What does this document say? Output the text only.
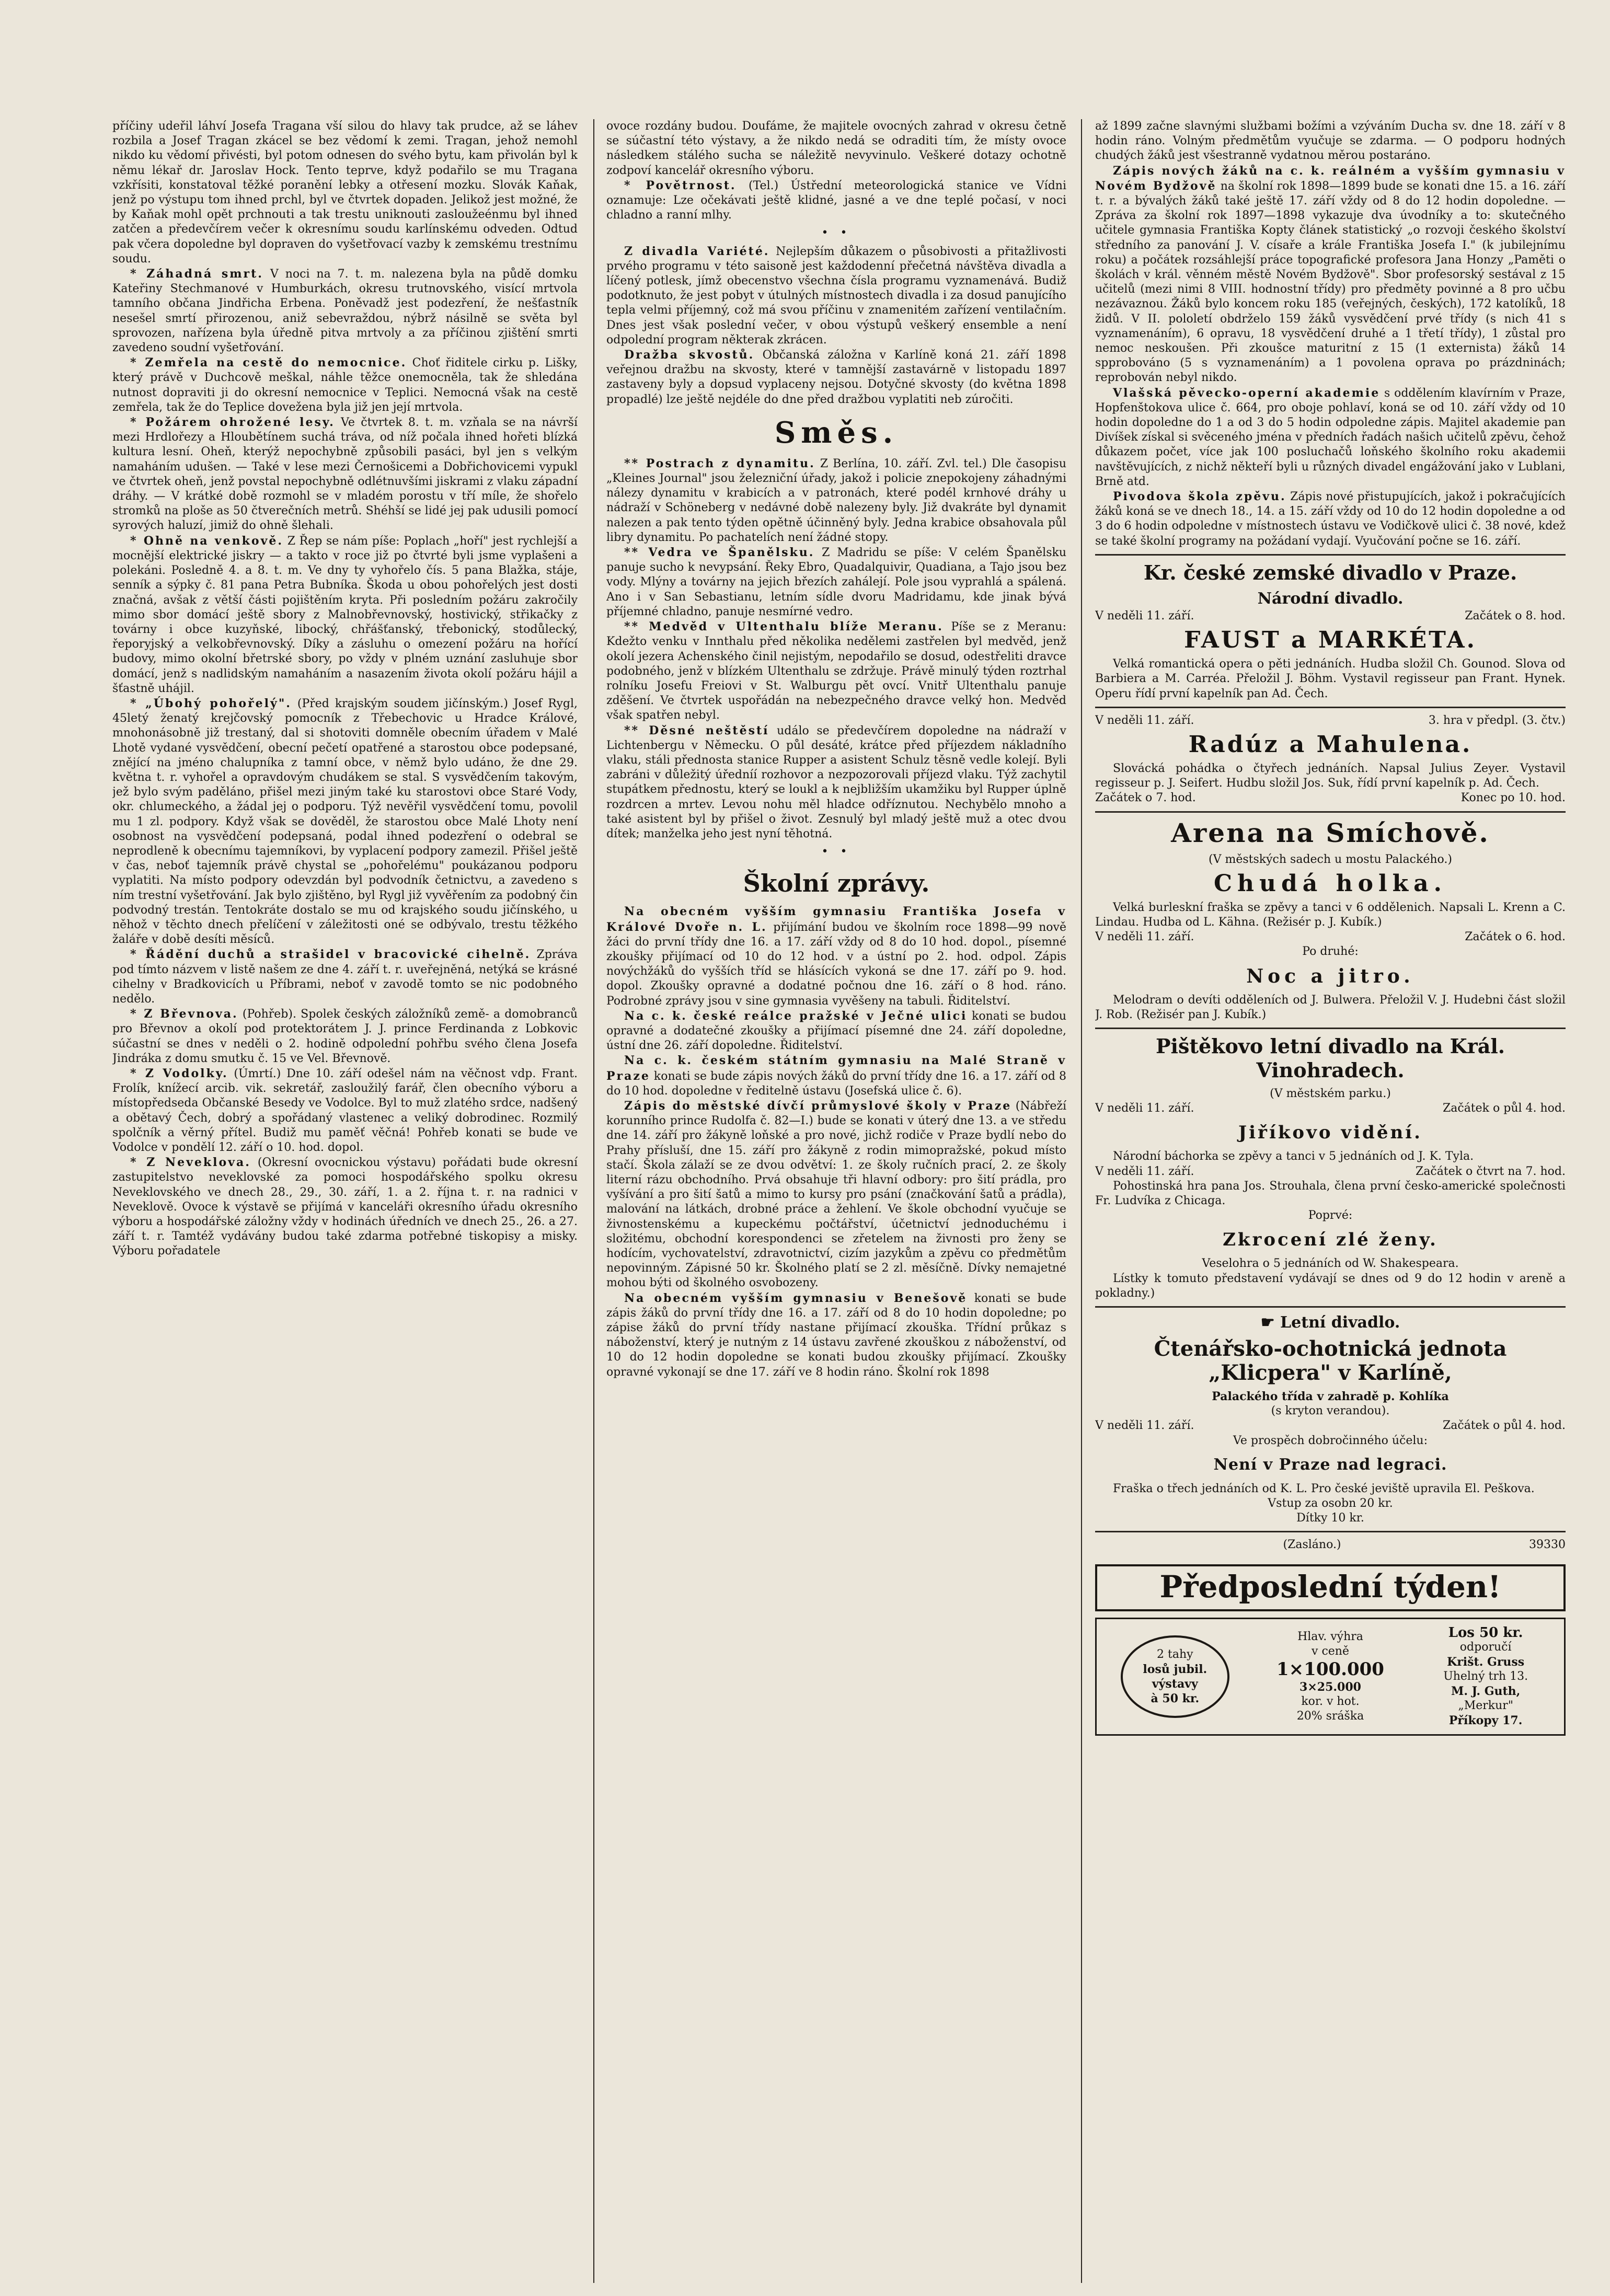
příčiny udeřil láhví Josefa Tragana vší silou do hlavy tak prudce, až se láhev rozbila a Josef Tragan zkácel se bez vědomí k zemi. Tragan, jehož nemohl nikdo ku vědomí přivésti, byl potom odnesen do svého bytu, kam přivolán byl k němu lékař dr. Jaroslav Hock. Tento teprve, když podařilo se mu Tragana vzkřísiti, konstatoval těžké poranění lebky a otřesení mozku. Slovák Kaňak, jenž po výstupu tom ihned prchl, byl ve čtvrtek dopaden. Jelikož jest možné, že by Kaňak mohl opět prchnouti a tak trestu uniknouti zasloužeénmu byl ihned zatčen a předevčírem večer k okresnímu soudu karlínskému odveden. Odtud pak včera dopoledne byl dopraven do vyšetřovací vazby k zemskému trestnímu soudu.

* Záhadná smrt. V noci na 7. t. m. nalezena byla na půdě domku Kateřiny Stechmanové v Humburkách, okresu trutnovského, visící mrtvola tamního občana Jindřicha Erbena. Poněvadž jest podezření, že nešťastník nesešel smrtí přirozenou, aniž sebevraždou, nýbrž násilně se světa byl sprovozen, nařízena byla úředně pitva mrtvoly a za příčinou zjištění smrti zavedeno soudní vyšetřování.

* Zemřela na cestě do nemocnice. Choť řiditele cirku p. Lišky, který právě v Duchcově meškal, náhle těžce onemocněla, tak že shledána nutnost dopraviti ji do okresní nemocnice v Teplici. Nemocná však na cestě zemřela, tak že do Teplice dovežena byla již jen její mrtvola.

* Požárem ohrožené lesy. Ve čtvrtek 8. t. m. vzňala se na návrší mezi Hrdlořezy a Hloubětínem suchá tráva, od níž počala ihned hořeti blízká kultura lesní. Oheň, kterýž nepochybně způsobili pasáci, byl jen s velkým namaháním udušen. — Také v lese mezi Černošicemi a Dobřichovicemi vypukl ve čtvrtek oheň, jenž povstal nepochybně odlétnuvšími jiskrami z vlaku západní dráhy. — V krátké době rozmohl se v mladém porostu v tří míle, že shořelo stromků na ploše as 50 čtverečních metrů. Shéhší se lidé jej pak udusili pomocí syrových haluzí, jimiž do ohně šlehali.

* Ohně na venkově. Z Řep se nám píše: Poplach „hoří" jest rychlejší a mocnější elektrické jiskry — a takto v roce již po čtvrté byli jsme vyplašeni a polekáni. Posledně 4. a 8. t. m. Ve dny ty vyhořelo čís. 5 pana Blažka, stáje, senník a sýpky č. 81 pana Petra Bubníka. Škoda u obou pohořelých jest dosti značná, avšak z větší části pojištěním kryta. Při posledním požáru zakročily mimo sbor domácí ještě sbory z Malnobřevnovský, hostivický, střikačky z továrny i obce kuzyňské, libocký, chřášťanský, třebonický, stodůlecký, řeporyjský a velkobřevnovský. Díky a zásluhu o omezení požáru na hořící budovy, mimo okolní břetrské sbory, po vždy v plném uznání zasluhuje sbor domácí, jenž s nadlidským namaháním a nasazením života okolí požáru hájil a šťastně uhájil.

* „Úbohý pohořelý". (Před krajským soudem jičínským.) Josef Rygl, 45letý ženatý krejčovský pomocník z Třebechovic u Hradce Králové, mnohonásobně již trestaný, dal si shotoviti domněle obecním úřadem v Malé Lhotě vydané vysvědčení, obecní pečetí opatřené a starostou obce podepsané, znějící na jméno chalupníka z tamní obce, v němž bylo udáno, že dne 29. května t. r. vyhořel a opravdovým chudákem se stal. S vysvědčením takovým, jež bylo svým padělánо, přišel mezi jiným také ku starostovi obce Staré Vody, okr. chlumeckého, a žádal jej o podporu. Týž nevěřil vysvědčení tomu, povolil mu 1 zl. podpory. Když však se dověděl, že starostou obce Malé Lhoty není osobnost na vysvědčení podepsaná, podal ihned podezření o odebral se neprodleně k obecnímu tajemníkovi, by vyplacení podpory zamezil. Přišel ještě v čas, neboť tajemník právě chystal se „pohořelému" poukázanou podporu vyplatiti. Na místo podpory odevzdán byl podvodník četnictvu, a zavedeno s ním trestní vyšetřování. Jak bylo zjištěno, byl Rygl již vyvěřením za podobný čin podvodný trestán. Tentokráte dostalo se mu od krajského soudu jičínského, u něhož v těchto dnech přelíčení v záležitosti oné se odbývalo, trestu těžkého žaláře v době desíti měsíců.

* Řádění duchů a strašidel v bracovické cihelně. Zpráva pod tímto názvem v listě našem ze dne 4. září t. r. uveřejněná, netýká se krásné cihelny v Bradkovicích u Příbrami, neboť v zavodě tomto se nic podobného nedělo.

* Z Břevnova. (Pohřeb). Spolek českých záložníků země- a domobranců pro Břevnov a okolí pod protektorátem J. J. prince Ferdinanda z Lobkovic súčastní se dnes v neděli o 2. hodině odpolední pohřbu svého člena Josefa Jindráka z domu smutku č. 15 ve Vel. Břevnově.

* Z Vodolky. (Úmrtí.) Dne 10. září odešel nám na věčnost vdp. Frant. Frolík, knížecí arcib. vik. sekretář, zasloužilý farář, člen obecního výboru a místopředseda Občanské Besedy ve Vodolce. Byl to muž zlatého srdce, nadšený a obětavý Čech, dobrý a spořádaný vlastenec a veliký dobrodinec. Rozmilý spolčník a věrný přítel. Budiž mu paměť věčná! Pohřeb konati se bude ve Vodolce v pondělí 12. září o 10. hod. dopol.

* Z Neveklova. (Okresní ovocnickou výstavu) pořádati bude okresní zastupitelstvo neveklovské za pomoci hospodářského spolku okresu Neveklovského ve dnech 28., 29., 30. září, 1. a 2. října t. r. na radnici v Neveklově. Ovoce k výstavě se přijímá v kanceláři okresního úřadu okresního výboru a hospodářské záložny vždy v hodinách úředních ve dnech 25., 26. a 27. září t. r. Tamtéž vydávány budou také zdarma potřebné tiskopisy a misky. Výboru pořadatele

ovoce rozdány budou. Doufáme, že majitele ovocných zahrad v okresu četně se súčastní této výstavy, a že nikdo nedá se odraditi tím, že místy ovoce následkem stálého sucha se náležitě nevyvinulo. Veškeré dotazy ochotně zodpoví kancelář okresního výboru.

* Povětrnost. (Tel.) Ústřední meteorologická stanice ve Vídni oznamuje: Lze očekávati ještě klidné, jasné a ve dne teplé počasí, v noci chladno a ranní mlhy.

• •

Z divadla Variété. Nejlepším důkazem o působivosti a přitažlivosti prvého programu v této saisoně jest každodenní přečetná návštěva divadla a líčený potlesk, jímž obecenstvo všechna čísla programu vyznamenává. Budiž podotknuto, že jest pobyt v útulných místnostech divadla i za dosud panujícího tepla velmi příjemný, což má svou příčinu v znamenitém zařízení ventilačním. Dnes jest však poslední večer, v obou výstupů veškerý ensemble a není odpolední program některak zkrácen.

Dražba skvostů. Občanská záložna v Karlíně koná 21. září 1898 veřejnou dražbu na skvosty, které v tamnější zastavárně v listopadu 1897 zastaveny byly a dopsud vyplaceny nejsou. Dotyčné skvosty (do května 1898 propadlé) lze ještě nejdéle do dne před dražbou vyplatiti neb zúročiti.

Směs.

** Postrach z dynamitu. Z Berlína, 10. září. Zvl. tel.) Dle časopisu „Kleines Journal" jsou železniční úřady, jakož i policie znepokojeny záhadnými nálezy dynamitu v krabicích a v patronách, které podél krnhové dráhy u nádraží v Schöneberg v nedávné době nalezeny byly. Již dvakráte byl dynamit nalezen a pak tento týden opětně účinněný byly. Jedna krabice obsahovala půl libry dynamitu. Po pachatelích není žádné stopy.

** Vedra ve Španělsku. Z Madridu se píše: V celém Španělsku panuje sucho k nevypsání. Řeky Ebro, Quadalquivir, Quadiana, a Tajo jsou bez vody. Mlýny a továrny na jejich březích zahálejí. Pole jsou vyprahlá a spálená. Ano i v San Sebastianu, letním sídle dvoru Madridamu, kde jinak bývá příjemné chladno, panuje nesmírné vedro.

** Medvěd v Ultenthalu blíže Meranu. Píše se z Meranu: Kdežto venku v Innthalu před několika nedělemi zastřelen byl medvěd, jenž okolí jezera Achenského činil nejistým, nepodařilo se dosud, odestřeliti dravce podobného, jenž v blízkém Ultenthalu se zdržuje. Právě minulý týden roztrhal rolníku Josefu Freiovi v St. Walburgu pět ovcí. Vnitř Ultenthalu panuje zděšení. Ve čtvrtek uspořádán na nebezpečného dravce velký hon. Medvěd však spatřen nebyl.

** Děsné neštěstí událo se předevčírem dopoledne na nádraží v Lichtenbergu v Německu. O půl desáté, krátce před příjezdem nákladního vlaku, stáli přednosta stanice Rupper a asistent Schulz těsně vedle kolejí. Byli zabráni v důležitý úředníí rozhovor a nezpozorovali příjezd vlaku. Týž zachytil stupátkem přednostu, který se loukl a k nejbližším ukamžiku byl Rupper úplně rozdrcen a mrtev. Levou nohu měl hladce odříznutou. Nechybělo mnoho a také asistent byl by přišel o život. Zesnulý byl mladý ještě muž a otec dvou dítek; manželka jeho jest nyní těhotná.

• •
Školní zprávy.

Na obecném vyšším gymnasiu Františka Josefa v Králové Dvoře n. L. přijímání budou ve školním roce 1898—99 nově žáci do první třídy dne 16. a 17. září vždy od 8 do 10 hod. dopol., písemné zkoušky přijímací od 10 do 12 hod. v a ústní po 2. hod. odpol. Zápis novýchžáků do vyšších tříd se hlásících vykoná se dne 17. září po 9. hod. dopol. Zkoušky opravné a dodatné počnou dne 16. září o 8 hod. ráno. Podrobné zprávy jsou v sine gymnasia vyvěšeny na tabuli. Řiditelství.

Na c. k. české reálce pražské v Ječné ulici konati se budou opravné a dodatečné zkoušky a přijímací písemné dne 24. září dopoledne, ústní dne 26. září dopoledne. Řiditelství.

Na c. k. českém státním gymnasiu na Malé Straně v Praze konati se bude zápis nových žáků do první třídy dne 16. a 17. září od 8 do 10 hod. dopoledne v ředitelně ústavu (Josefská ulice č. 6).

Zápis do městské dívčí průmyslové školy v Praze (Nábřeží korunního prince Rudolfa č. 82—I.) bude se konati v úterý dne 13. a ve středu dne 14. září pro žákyně loňské a pro nové, jichž rodiče v Praze bydlí nebo do Prahy přísluší, dne 15. září pro žákyně z rodin mimopražské, pokud místo stačí. Škola zálaží se ze dvou odvětví: 1. ze školy ručních prací, 2. ze školy literní rázu obchodního. Prvá obsahuje tři hlavní odbory: pro šití prádla, pro vyšívání a pro šití šatů a mimo to kursy pro psání (značkování šatů a prádla), malování na látkách, drobné práce a žehlení. Ve škole obchodní vyučuje se živnostenskému a kupeckému počtářství, účetnictví jednoduchému i složitému, obchodní korespondenci se zřetelem na živnosti pro ženy se hodícím, vychovatelství, zdravotnictví, cizím jazykům a zpěvu co předmětům nepovinným. Zápisné 50 kr. Školného platí se 2 zl. měsíčně. Dívky nemajetné mohou býti od školného osvobozeny.

Na obecném vyšším gymnasiu v Benešově konati se bude zápis žáků do první třídy dne 16. a 17. září od 8 do 10 hodin dopoledne; po zápise žáků do první třídy nastane přijímací zkouška. Třídní průkaz s náboženství, který je nutným z 14 ústavu zavřené zkouškou z náboženství, od 10 do 12 hodin dopoledne se konati budou zkoušky přijímací. Zkoušky opravné vykonají se dne 17. září ve 8 hodin ráno. Školní rok 1898

až 1899 začne slavnými službami božími a vzýváním Ducha sv. dne 18. září v 8 hodin ráno. Volným předmětům vyučuje se zdarma. — O podporu hodných chudých žáků jest všestranně vydatnou měrou postaráno.

Zápis nových žáků na c. k. reálném a vyšším gymnasiu v Novém Bydžově na školní rok 1898—1899 bude se konati dne 15. a 16. září t. r. a bývalých žáků také ještě 17. září vždy od 8 do 12 hodin dopoledne. — Zpráva za školní rok 1897—1898 vykazuje dva úvodníky a to: skutečného učitele gymnasia Františka Kopty článek statistický „o rozvoji českého školství středního za panování J. V. císaře a krále Františka Josefa I." (k jubilejnímu roku) a počátek rozsáhlejší práce topografické profesora Jana Honzy „Paměti o školách v král. věnném městě Novém Bydžově". Sbor profesorský sestával z 15 učitelů (mezi nimi 8 VIII. hodnostní třídy) pro předměty povinné a 8 pro učbu nezávaznou. Žáků bylo koncem roku 185 (veřejných, českých), 172 katolíků, 18 židů. V II. pololetí obdrželo 159 žáků vysvědčení prvé třídy (s nich 41 s vyznamenáním), 6 opravu, 18 vysvědčení druhé a 1 třetí třídy), 1 zůstal pro nemoc neskoušen. Při zkoušce maturitní z 15 (1 externista) žáků 14 spprobováno (5 s vyznamenáním) a 1 povolena oprava po prázdninách; reprobován nebyl nikdo.

Vlašská pěvecko-operní akademie s oddělením klavírním v Praze, Hopfenštokova ulice č. 664, pro oboje pohlaví, koná se od 10. září vždy od 10 hodin dopoledne do 1 a od 3 do 5 hodin odpoledne zápis. Majitel akademie pan Divíšek získal si svěceného jména v předních řadách našich učitelů zpěvu, čehož důkazem počet, více jak 100 posluchačů loňského školního roku akademii navštěvujících, z nichž někteří byli u různých divadel engážování jako v Lublani, Brně atd.

Pivodova škola zpěvu. Zápis nové přistupujících, jakož i pokračujících žáků koná se ve dnech 18., 14. a 15. září vždy od 10 do 12 hodin dopoledne a od 3 do 6 hodin odpoledne v místnostech ústavu ve Vodičkově ulici č. 38 nové, kdež se také školní programy na požádaní vydají. Vyučování počne se 16. září.

Kr. české zemské divadlo v Praze.
Národní divadlo.
V neděli 11. září.	Začátek o 8. hod.
FAUST a MARKÉTA.

Velká romantická opera o pěti jednáních. Hudba složil Ch. Gounod. Slova od Barbiera a M. Carréa. Přeložil J. Böhm. Vystavil regisseur pan Frant. Hynek. Operu řídí první kapelník pan Ad. Čech.

V neděli 11. září.	3. hra v předpl. (3. čtv.)
Radúz a Mahulena.

Slovácká pohádka o čtyřech jednáních. Napsal Julius Zeyer. Vystavil regisseur p. J. Seifert. Hudbu složil Jos. Suk, řídí první kapelník p. Ad. Čech.

Začátek o 7. hod.	Konec po 10. hod.
Arena na Smíchově.
(V městských sadech u mostu Palackého.)
Chudá holka.

Velká burleskní fraška se zpěvy a tanci v 6 oddělenich. Napsali L. Krenn a C. Lindau. Hudba od L. Kähna. (Režisér p. J. Kubík.)

V neděli 11. září.	Začátek o 6. hod.
Po druhé:
Noc a jitro.

Melodram o devíti odděleních od J. Bulwera. Přeložil V. J. Hudebni část složil J. Rob. (Režisér pan J. Kubík.)

Pištěkovo letní divadlo na Král. Vinohradech.
(V městském parku.)
V neděli 11. září.	Začátek o půl 4. hod.
Jiříkovo vidění.

Národní báchorka se zpěvy a tanci v 5 jednáních od J. K. Tyla.

V neděli 11. září.	Začátek o čtvrt na 7. hod.

Pohostinská hra pana Jos. Strouhala, člena první česko-americké společnosti Fr. Ludvíka z Chicaga.

Poprvé:
Zkrocení zlé ženy.
Veselohra o 5 jednáních od W. Shakespeara.

Lístky k tomuto představení vydávají se dnes od 9 do 12 hodin v areně a pokladny.)

☛ Letní divadlo.
Čtenářsko-ochotnická jednota „Klicpera" v Karlíně,
Palackého třída v zahradě p. Kohlíka
(s kryton verandou).
V neděli 11. září.	Začátek o půl 4. hod.
Ve prospěch dobročinného účelu:
Není v Praze nad legraci.

Fraška o třech jednáních od K. L. Pro české jeviště upravila El. Peškova.

Vstup za osobn 20 kr.
Dítky 10 kr.
(Zasláno.)	39330
Předposlední týden!
2 tahy
losů jubil. výstavy
à 50 kr.
Hlav. výhra
v ceně
1×100.000
3×25.000
kor. v hot.
20% sráška
Los 50 kr.
odporučí
Krišt. Gruss
Uhelný trh 13.
M. J. Guth,
„Merkur"
Příkopy 17.
